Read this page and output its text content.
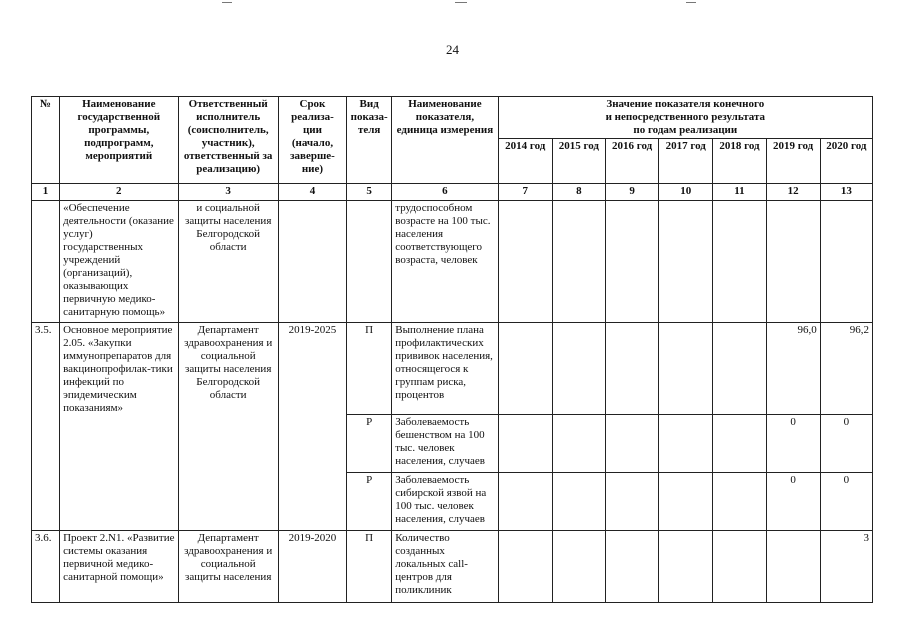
24
№	Наименование государственной программы, подпрограмм, мероприятий	Ответственный исполнитель (соисполнитель, участник), ответственный за реализацию)	Срок реализа-ции (начало, заверше-ние)	Вид показа-теля	Наименование показателя, единица измерения	Значение показателя конечного
и непосредственного результата
по годам реализации						
						2014 год	2015 год	2016 год	2017 год	2018 год	2019 год	2020 год
1	2	3	4	5	6	7	8	9	10	11	12	13
	«Обеспечение деятельности (оказание услуг) государственных учреждений (организаций), оказывающих первичную медико-санитарную помощь»	и социальной защиты населения Белгородской области			трудоспособном возрасте на 100 тыс. населения соответствующего возраста, человек							
3.5.	Основное мероприятие 2.05. «Закупки иммунопрепаратов для вакцинопрофилак-тики инфекций по эпидемическим показаниям»	Департамент здравоохранения и социальной защиты населения Белгородской области	2019-2025	П	Выполнение плана профилактических прививок населения, относящегося к группам риска, процентов						96,0	96,2
				Р	Заболеваемость бешенством на 100 тыс. человек населения, случаев						0	0
				Р	Заболеваемость сибирской язвой на 100 тыс. человек населения, случаев						0	0
3.6.	Проект 2.N1. «Развитие системы оказания первичной медико-санитарной помощи»	Департамент здравоохранения и социальной защиты населения	2019-2020	П	Количество созданных локальных call-центров для поликлиник							3
